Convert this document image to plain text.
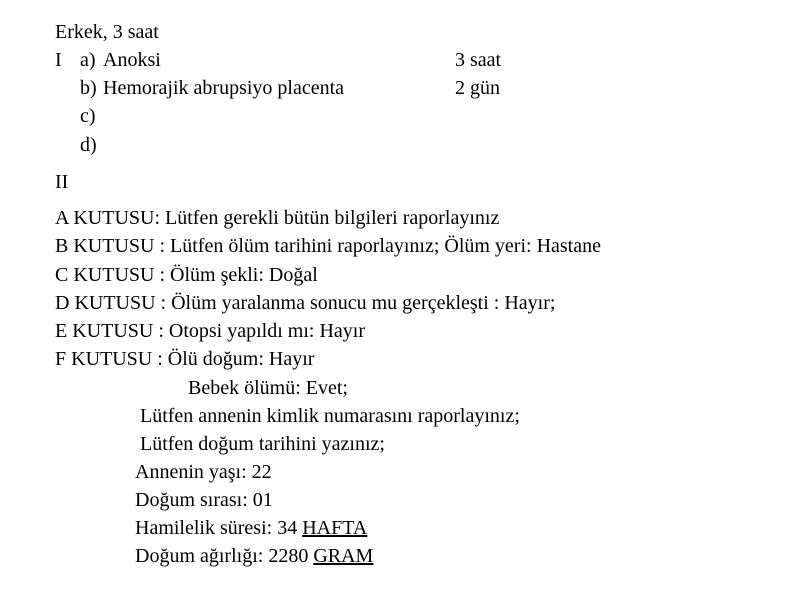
Erkek, 3 saat
I a) Anoksi	3 saat
b) Hemorajik abrupsiyo placenta	2 gün
c)
d)
II
A KUTUSU: Lütfen gerekli bütün bilgileri raporlayınız
B KUTUSU : Lütfen ölüm tarihini raporlayınız; Ölüm yeri: Hastane
C KUTUSU : Ölüm şekli: Doğal
D KUTUSU : Ölüm yaralanma sonucu mu gerçekleşti : Hayır;
E KUTUSU : Otopsi yapıldı mı: Hayır
F KUTUSU : Ölü doğum: Hayır
Bebek ölümü: Evet;
Lütfen annenin kimlik numarasını raporlayınız;
Lütfen doğum tarihini yazınız;
Annenin yaşı: 22
Doğum sırası: 01
Hamilelik süresi: 34 HAFTA
Doğum ağırlığı: 2280 GRAM
